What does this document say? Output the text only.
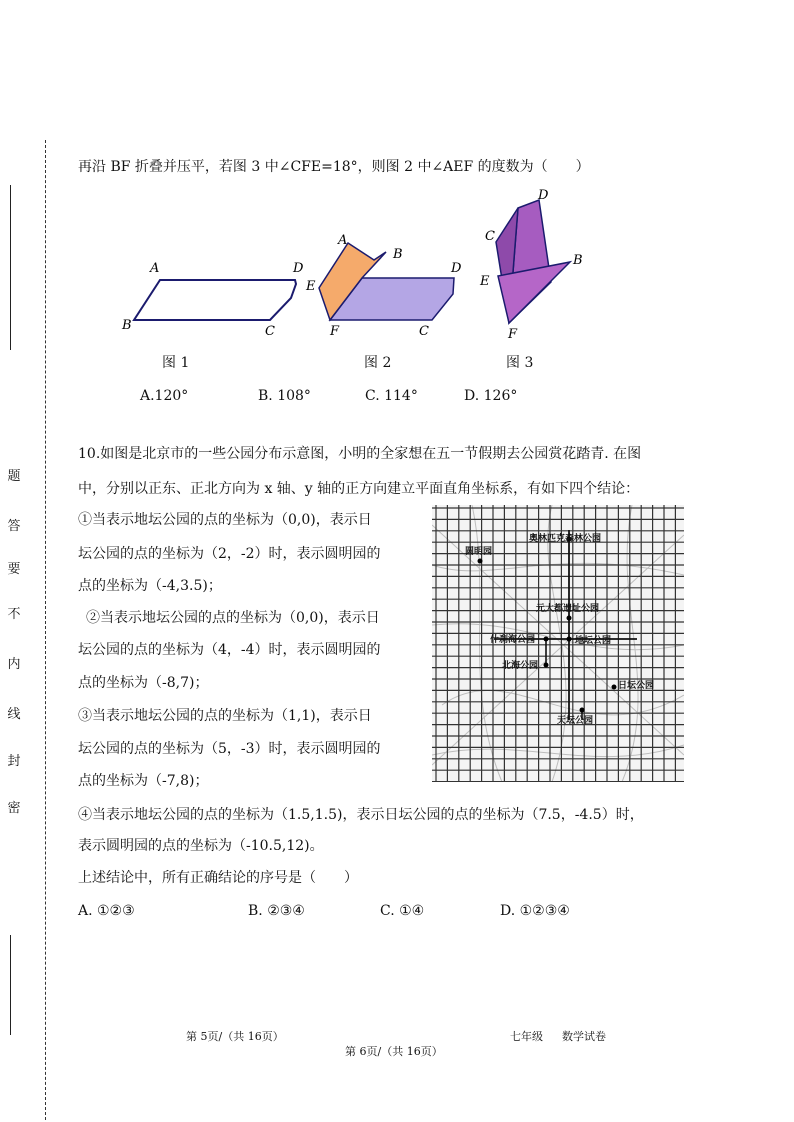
题
答
要
不
内
线
封
密
再沿 BF 折叠并压平，若图 3 中∠CFE=18°，则图 2 中∠AEF 的度数为（　　）
A	D
B	C
A
B
E
D
F	C
D
C
E
B
F
图 1	图 2	图 3
A.120°	B. 108°	C. 114°	D. 126°
10.如图是北京市的一些公园分布示意图，小明的全家想在五一节假期去公园赏花踏青. 在图
中，分别以正东、正北方向为 x 轴、y 轴的正方向建立平面直角坐标系，有如下四个结论：
①当表示地坛公园的点的坐标为（0,0)，表示日
坛公园的点的坐标为（2，-2）时，表示圆明园的
点的坐标为（-4,3.5)；
②当表示地坛公园的点的坐标为（0,0)，表示日
坛公园的点的坐标为（4，-4）时，表示圆明园的
点的坐标为（-8,7)；
③当表示地坛公园的点的坐标为（1,1)，表示日
坛公园的点的坐标为（5，-3）时，表示圆明园的
点的坐标为（-7,8)；
④当表示地坛公园的点的坐标为（1.5,1.5)，表示日坛公园的点的坐标为（7.5，-4.5）时，
表示圆明园的点的坐标为（-10.5,12)。
上述结论中，所有正确结论的序号是（　　）
A. ①②③	B. ②③④	C. ①④	D. ①②③④
奥林匹克森林公园
圆明园
元大都遗址公园
什刹海公园	地坛公园
北海公园
日坛公园
天坛公园
第 5页/（共 16页）
第 6页/（共 16页）
七年级 数学试卷
